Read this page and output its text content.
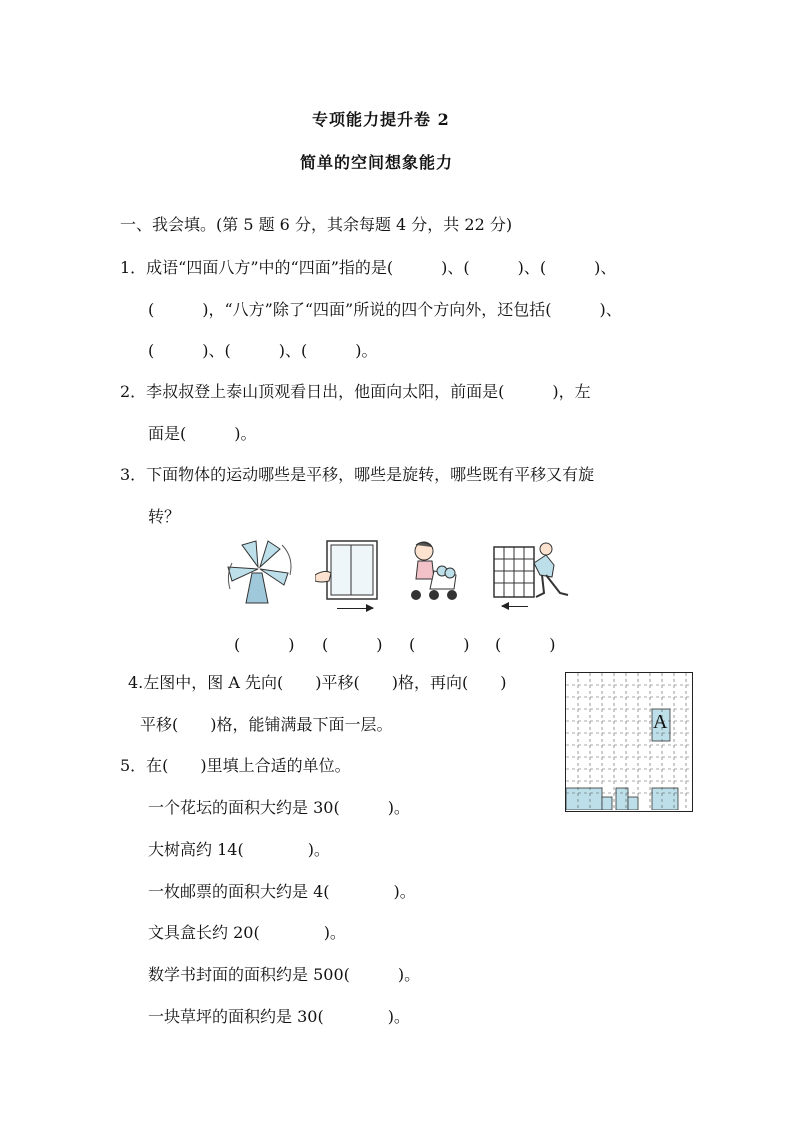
专项能力提升卷 2
简单的空间想象能力
一、我会填。(第 5 题 6 分，其余每题 4 分，共 22 分)
1．成语“四面八方”中的“四面”指的是(　　　)、(　　　)、(　　　)、
(　　　)，“八方”除了“四面”所说的四个方向外，还包括(　　　)、
(　　　)、(　　　)、(　　　)。
2．李叔叔登上泰山顶观看日出，他面向太阳，前面是(　　　)，左
面是(　　　)。
3．下面物体的运动哪些是平移，哪些是旋转，哪些既有平移又有旋
转？
(　　　) (　　　) (　　　) (　　　)
4.左图中，图 A 先向(　　)平移(　　)格，再向(　　)
平移(　　)格，能铺满最下面一层。	A
5．在(　　)里填上合适的单位。
一个花坛的面积大约是 30(　　　)。
大树高约 14(　　　　)。
一枚邮票的面积大约是 4(　　　　)。
文具盒长约 20(　　　　)。
数学书封面的面积约是 500(　　　)。
一块草坪的面积约是 30(　　　　)。
